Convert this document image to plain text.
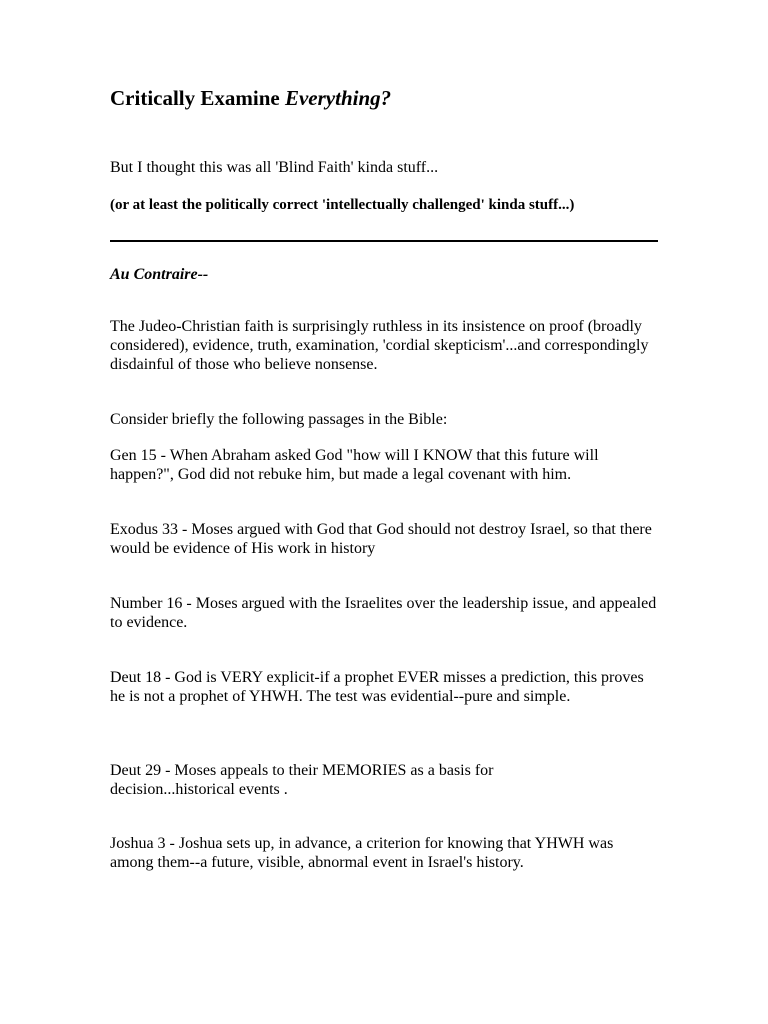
Critically Examine Everything?

But I thought this was all 'Blind Faith' kinda stuff...

(or at least the politically correct 'intellectually challenged' kinda stuff...)

Au Contraire--

The Judeo-Christian faith is surprisingly ruthless in its insistence on proof (broadly considered), evidence, truth, examination, 'cordial skepticism'...and correspondingly disdainful of those who believe nonsense.

Consider briefly the following passages in the Bible:

Gen 15 - When Abraham asked God "how will I KNOW that this future will happen?", God did not rebuke him, but made a legal covenant with him.

Exodus 33 - Moses argued with God that God should not destroy Israel, so that there would be evidence of His work in history

Number 16 - Moses argued with the Israelites over the leadership issue, and appealed to evidence.

Deut 18 - God is VERY explicit-if a prophet EVER misses a prediction, this proves he is not a prophet of YHWH. The test was evidential--pure and simple.

Deut 29 - Moses appeals to their MEMORIES as a basis for decision...historical events .

Joshua 3 - Joshua sets up, in advance, a criterion for knowing that YHWH was among them--a future, visible, abnormal event in Israel's history.
